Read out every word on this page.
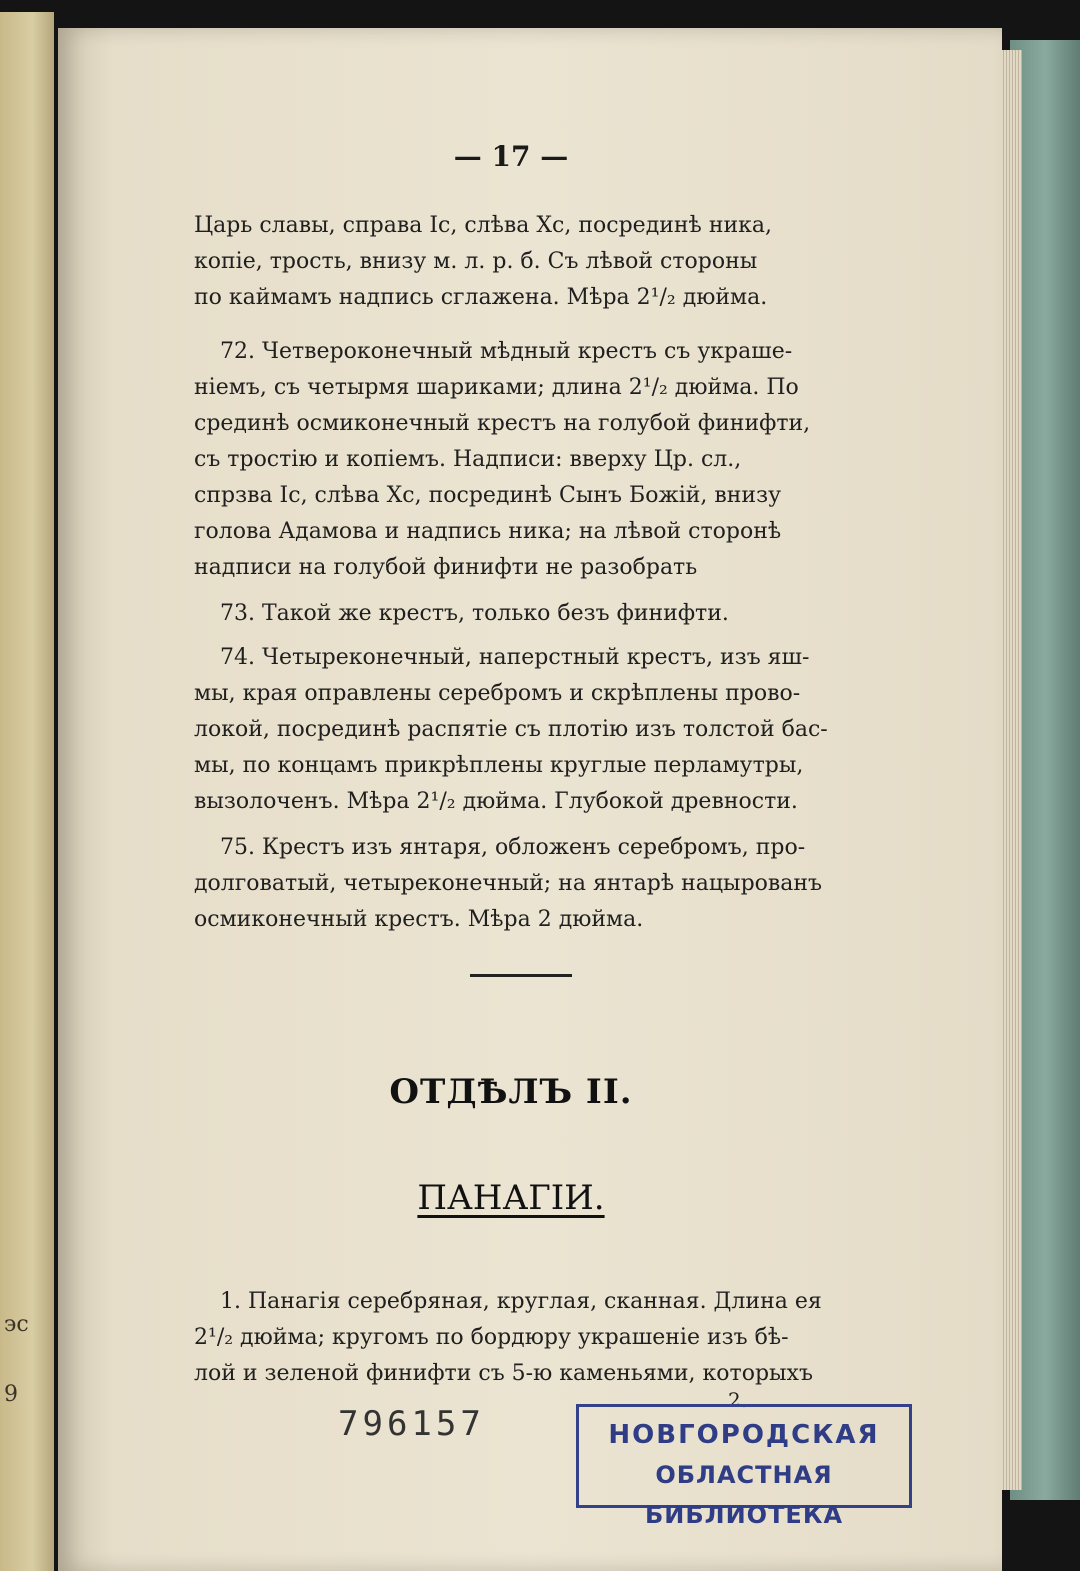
эс
9
— 17 —
Царь славы, справа Іс, слѣва Хс, посрединѣ ника,
копіе, трость, внизу м. л. р. б. Съ лѣвой стороны
по каймамъ надпись сглажена. Мѣра 2¹/₂ дюйма.
72. Четвероконечный мѣдный крестъ съ украше-
ніемъ, съ четырмя шариками; длина 2¹/₂ дюйма. По
срединѣ осмиконечный крестъ на голубой финифти,
съ тростію и копіемъ. Надписи: вверху Цр. сл.,
спрзва Іс, слѣва Хс, посрединѣ Сынъ Божій, внизу
голова Адамова и надпись ника; на лѣвой сторонѣ
надписи на голубой финифти не разобрать
73. Такой же крестъ, только безъ финифти.
74. Четыреконечный, наперстный крестъ, изъ яш-
мы, края оправлены серебромъ и скрѣплены прово-
локой, посрединѣ распятіе съ плотію изъ толстой бас-
мы, по концамъ прикрѣплены круглые перламутры,
вызолоченъ. Мѣра 2¹/₂ дюйма. Глубокой древности.
75. Крестъ изъ янтаря, обложенъ серебромъ, про-
долговатый, четыреконечный; на янтарѣ нацырованъ
осмиконечный крестъ. Мѣра 2 дюйма.
ОТДѢЛЪ II.
ПАНАГІИ.
1. Панагія серебряная, круглая, сканная. Длина ея
2¹/₂ дюйма; кругомъ по бордюру украшеніе изъ бѣ-
лой и зеленой финифти съ 5-ю каменьями, которыхъ
2.
796157	НОВГОРОДСКАЯ
ОБЛАСТНАЯ БИБЛИОТЕКА
